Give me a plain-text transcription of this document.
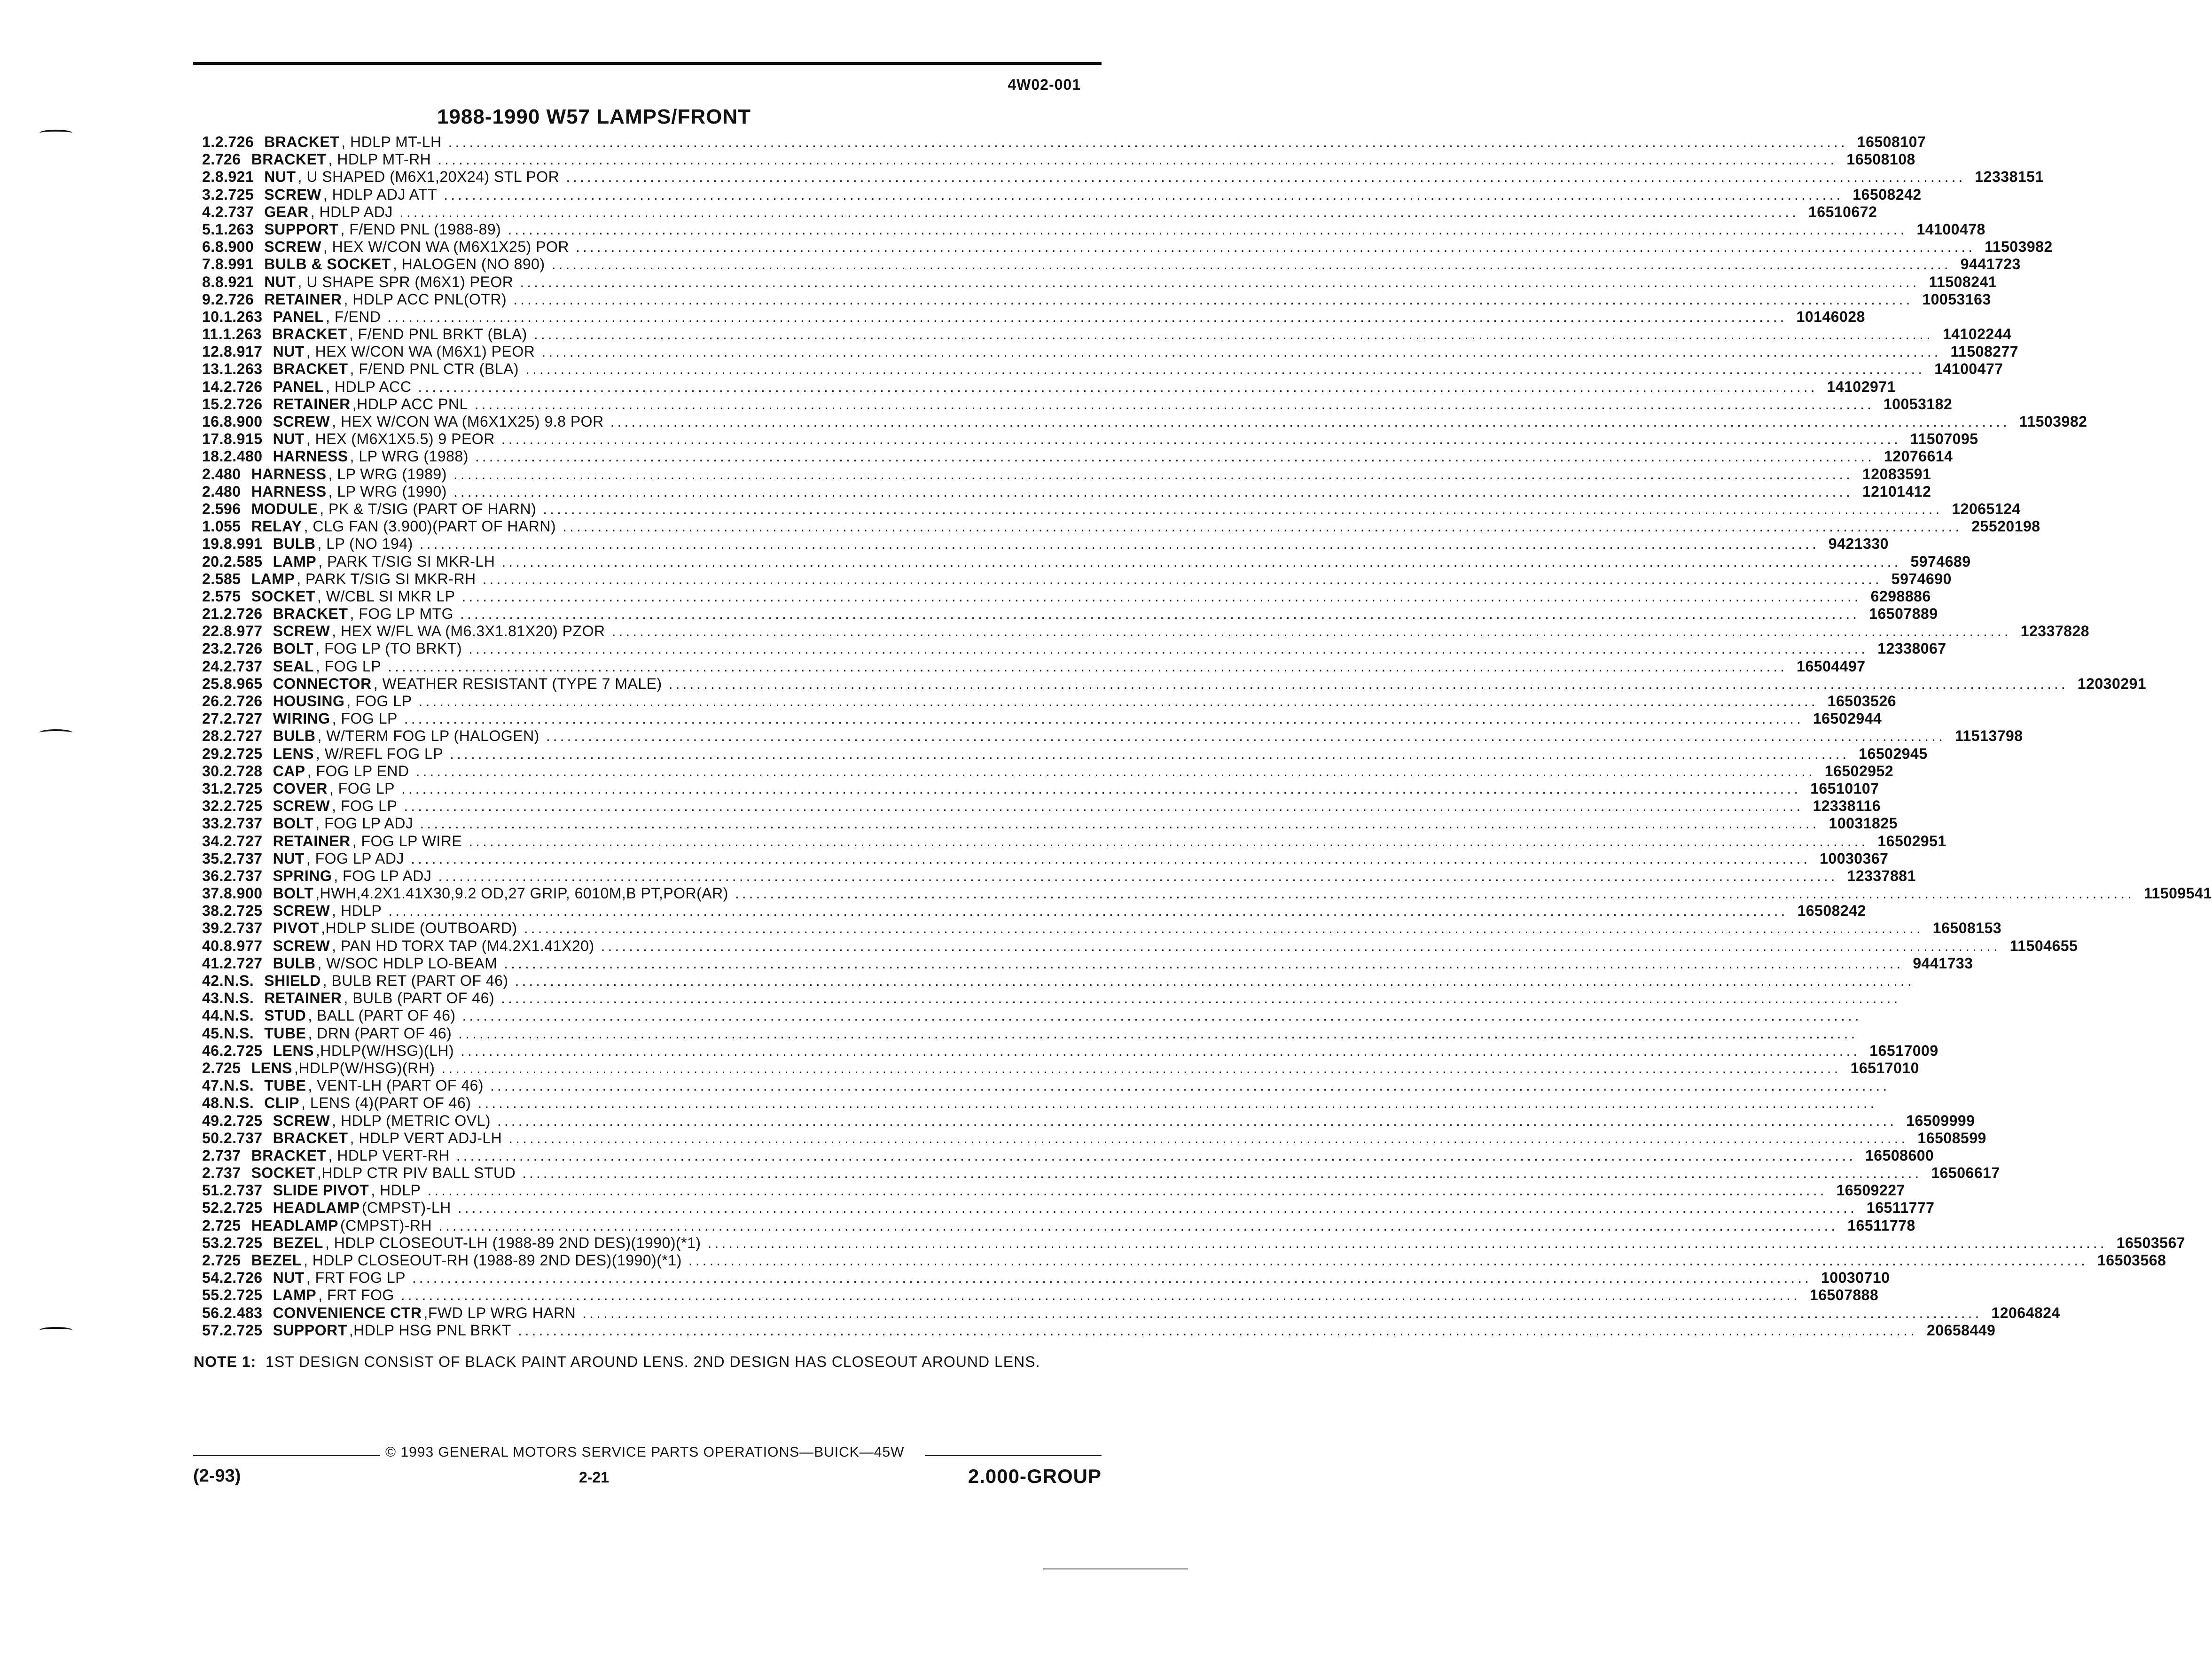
4W02-001
1988-1990 W57 LAMPS/FRONT
1. 2.726 BRACKET , HDLP MT-LH ........................................................................................................................................................................................................ 16508107
2.726 BRACKET , HDLP MT-RH ........................................................................................................................................................................................................ 16508108
2. 8.921 NUT , U SHAPED (M6X1,20X24) STL POR ........................................................................................................................................................................................................ 12338151
3. 2.725 SCREW , HDLP ADJ ATT ........................................................................................................................................................................................................ 16508242
4. 2.737 GEAR , HDLP ADJ ........................................................................................................................................................................................................ 16510672
5. 1.263 SUPPORT , F/END PNL (1988-89) ........................................................................................................................................................................................................ 14100478
6. 8.900 SCREW , HEX W/CON WA (M6X1X25) POR ........................................................................................................................................................................................................ 11503982
7. 8.991 BULB & SOCKET , HALOGEN (NO 890) ........................................................................................................................................................................................................ 9441723
8. 8.921 NUT , U SHAPE SPR (M6X1) PEOR ........................................................................................................................................................................................................ 11508241
9. 2.726 RETAINER , HDLP ACC PNL(OTR) ........................................................................................................................................................................................................ 10053163
10. 1.263 PANEL , F/END ........................................................................................................................................................................................................ 10146028
11. 1.263 BRACKET , F/END PNL BRKT (BLA) ........................................................................................................................................................................................................ 14102244
12. 8.917 NUT , HEX W/CON WA (M6X1) PEOR ........................................................................................................................................................................................................ 11508277
13. 1.263 BRACKET , F/END PNL CTR (BLA) ........................................................................................................................................................................................................ 14100477
14. 2.726 PANEL , HDLP ACC ........................................................................................................................................................................................................ 14102971
15. 2.726 RETAINER ,HDLP ACC PNL ........................................................................................................................................................................................................ 10053182
16. 8.900 SCREW , HEX W/CON WA (M6X1X25) 9.8 POR ........................................................................................................................................................................................................ 11503982
17. 8.915 NUT , HEX (M6X1X5.5) 9 PEOR ........................................................................................................................................................................................................ 11507095
18. 2.480 HARNESS , LP WRG (1988) ........................................................................................................................................................................................................ 12076614
2.480 HARNESS , LP WRG (1989) ........................................................................................................................................................................................................ 12083591
2.480 HARNESS , LP WRG (1990) ........................................................................................................................................................................................................ 12101412
2.596 MODULE , PK & T/SIG (PART OF HARN) ........................................................................................................................................................................................................ 12065124
1.055 RELAY , CLG FAN (3.900)(PART OF HARN) ........................................................................................................................................................................................................ 25520198
19. 8.991 BULB , LP (NO 194) ........................................................................................................................................................................................................ 9421330
20. 2.585 LAMP , PARK T/SIG SI MKR-LH ........................................................................................................................................................................................................ 5974689
2.585 LAMP , PARK T/SIG SI MKR-RH ........................................................................................................................................................................................................ 5974690
2.575 SOCKET , W/CBL SI MKR LP ........................................................................................................................................................................................................ 6298886
21. 2.726 BRACKET , FOG LP MTG ........................................................................................................................................................................................................ 16507889
22. 8.977 SCREW , HEX W/FL WA (M6.3X1.81X20) PZOR ........................................................................................................................................................................................................ 12337828
23. 2.726 BOLT , FOG LP (TO BRKT) ........................................................................................................................................................................................................ 12338067
24. 2.737 SEAL , FOG LP ........................................................................................................................................................................................................ 16504497
25. 8.965 CONNECTOR , WEATHER RESISTANT (TYPE 7 MALE) ........................................................................................................................................................................................................ 12030291
26. 2.726 HOUSING , FOG LP ........................................................................................................................................................................................................ 16503526
27. 2.727 WIRING , FOG LP ........................................................................................................................................................................................................ 16502944
28. 2.727 BULB , W/TERM FOG LP (HALOGEN) ........................................................................................................................................................................................................ 11513798
29. 2.725 LENS , W/REFL FOG LP ........................................................................................................................................................................................................ 16502945
30. 2.728 CAP , FOG LP END ........................................................................................................................................................................................................ 16502952
31. 2.725 COVER , FOG LP ........................................................................................................................................................................................................ 16510107
32. 2.725 SCREW , FOG LP ........................................................................................................................................................................................................ 12338116
33. 2.737 BOLT , FOG LP ADJ ........................................................................................................................................................................................................ 10031825
34. 2.727 RETAINER , FOG LP WIRE ........................................................................................................................................................................................................ 16502951
35. 2.737 NUT , FOG LP ADJ ........................................................................................................................................................................................................ 10030367
36. 2.737 SPRING , FOG LP ADJ ........................................................................................................................................................................................................ 12337881
37. 8.900 BOLT ,HWH,4.2X1.41X30,9.2 OD,27 GRIP, 6010M,B PT,POR(AR) ........................................................................................................................................................................................................ 11509541
38. 2.725 SCREW , HDLP ........................................................................................................................................................................................................ 16508242
39. 2.737 PIVOT ,HDLP SLIDE (OUTBOARD) ........................................................................................................................................................................................................ 16508153
40. 8.977 SCREW , PAN HD TORX TAP (M4.2X1.41X20) ........................................................................................................................................................................................................ 11504655
41. 2.727 BULB , W/SOC HDLP LO-BEAM ........................................................................................................................................................................................................ 9441733
42. N.S. SHIELD , BULB RET (PART OF 46) ........................................................................................................................................................................................................
43. N.S. RETAINER , BULB (PART OF 46) ........................................................................................................................................................................................................
44. N.S. STUD , BALL (PART OF 46) ........................................................................................................................................................................................................
45. N.S. TUBE , DRN (PART OF 46) ........................................................................................................................................................................................................
46. 2.725 LENS ,HDLP(W/HSG)(LH) ........................................................................................................................................................................................................ 16517009
2.725 LENS ,HDLP(W/HSG)(RH) ........................................................................................................................................................................................................ 16517010
47. N.S. TUBE , VENT-LH (PART OF 46) ........................................................................................................................................................................................................
48. N.S. CLIP , LENS (4)(PART OF 46) ........................................................................................................................................................................................................
49. 2.725 SCREW , HDLP (METRIC OVL) ........................................................................................................................................................................................................ 16509999
50. 2.737 BRACKET , HDLP VERT ADJ-LH ........................................................................................................................................................................................................ 16508599
2.737 BRACKET , HDLP VERT-RH ........................................................................................................................................................................................................ 16508600
2.737 SOCKET ,HDLP CTR PIV BALL STUD ........................................................................................................................................................................................................ 16506617
51. 2.737 SLIDE PIVOT , HDLP ........................................................................................................................................................................................................ 16509227
52. 2.725 HEADLAMP (CMPST)-LH ........................................................................................................................................................................................................ 16511777
2.725 HEADLAMP (CMPST)-RH ........................................................................................................................................................................................................ 16511778
53. 2.725 BEZEL , HDLP CLOSEOUT-LH (1988-89 2ND DES)(1990)(*1) ........................................................................................................................................................................................................ 16503567
2.725 BEZEL , HDLP CLOSEOUT-RH (1988-89 2ND DES)(1990)(*1) ........................................................................................................................................................................................................ 16503568
54. 2.726 NUT , FRT FOG LP ........................................................................................................................................................................................................ 10030710
55. 2.725 LAMP , FRT FOG ........................................................................................................................................................................................................ 16507888
56. 2.483 CONVENIENCE CTR ,FWD LP WRG HARN ........................................................................................................................................................................................................ 12064824
57. 2.725 SUPPORT ,HDLP HSG PNL BRKT ........................................................................................................................................................................................................ 20658449
NOTE 1: 1ST DESIGN CONSIST OF BLACK PAINT AROUND LENS. 2ND DESIGN HAS CLOSEOUT AROUND LENS.
© 1993 GENERAL MOTORS SERVICE PARTS OPERATIONS—BUICK—45W
(2-93)	2-21	2.000-GROUP
